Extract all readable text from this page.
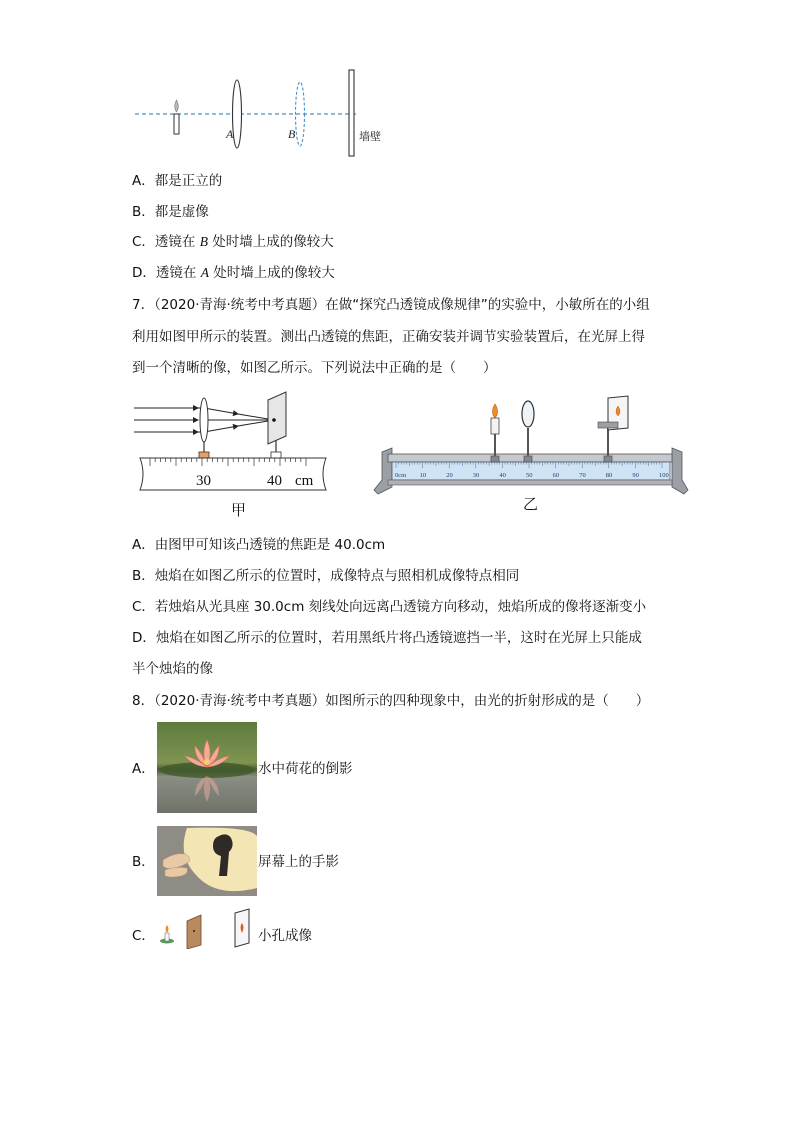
A	B	墙壁
A．都是正立的
B．都是虚像
C．透镜在 B 处时墙上成的像较大
D．透镜在 A 处时墙上成的像较大
7．（2020·青海·统考中考真题）在做“探究凸透镜成像规律”的实验中，小敏所在的小组
利用如图甲所示的装置。测出凸透镜的焦距，正确安装并调节实验装置后，在光屏上得
到一个清晰的像，如图乙所示。下列说法中正确的是（　　）
30	40 cm
甲
0cm 10	20	30	40	50	60	70	80	90	100
乙
A．由图甲可知该凸透镜的焦距是 40.0cm
B．烛焰在如图乙所示的位置时，成像特点与照相机成像特点相同
C．若烛焰从光具座 30.0cm 刻线处向远离凸透镜方向移动，烛焰所成的像将逐渐变小
D．烛焰在如图乙所示的位置时，若用黑纸片将凸透镜遮挡一半，这时在光屏上只能成
半个烛焰的像
8．（2020·青海·统考中考真题）如图所示的四种现象中，由光的折射形成的是（　　）
A．	水中荷花的倒影
B．	屏幕上的手影
C．	小孔成像
